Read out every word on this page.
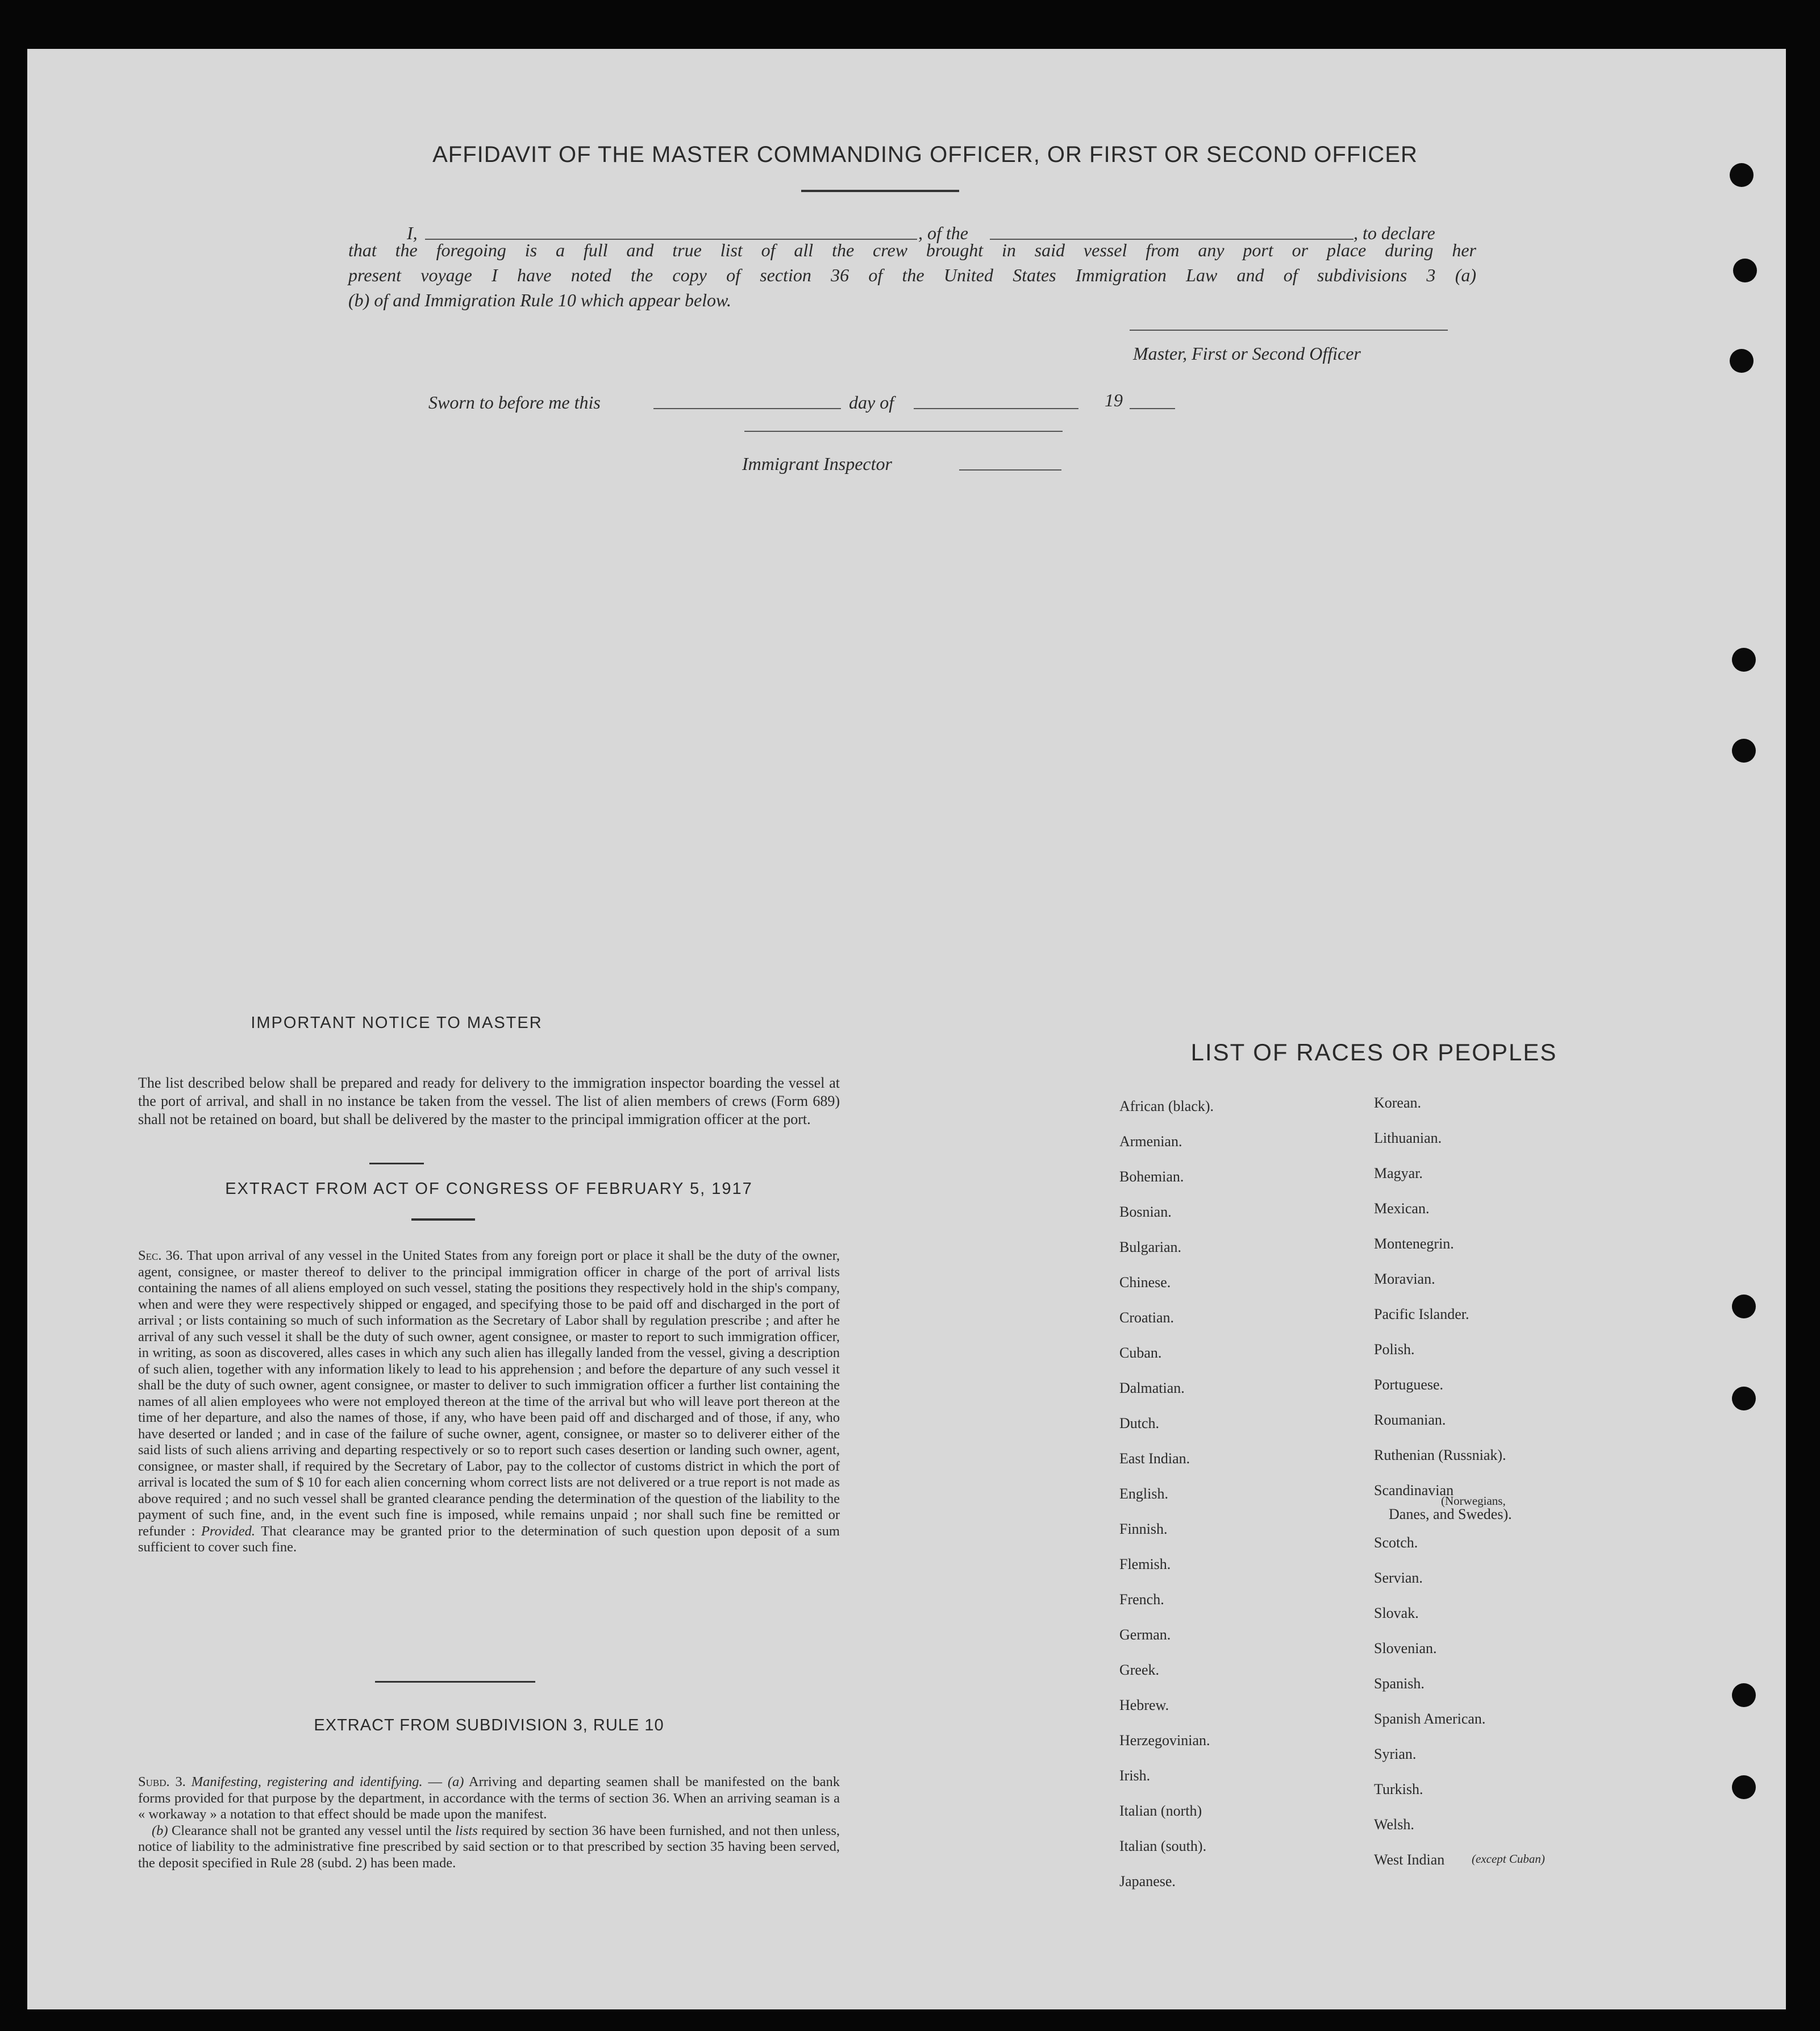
AFFIDAVIT OF THE MASTER COMMANDING OFFICER, OR FIRST OR SECOND OFFICER
I,	, of the	, to declare
that the foregoing is a full and true list of all the crew brought in said vessel from any port or place during her
present voyage I have noted the copy of section 36 of the United States Immigration Law and of subdivisions 3 (a)
(b) of and Immigration Rule 10 which appear below.
Master, First or Second Officer
Sworn to before me this	day of	19
Immigrant Inspector
IMPORTANT NOTICE TO MASTER
The list described below shall be prepared and ready for delivery to the immigration inspector boarding the vessel at the port of arrival, and shall in no instance be taken from the vessel. The list of alien members of crews (Form 689) shall not be retained on board, but shall be delivered by the master to the principal immigration officer at the port.
EXTRACT FROM ACT OF CONGRESS OF FEBRUARY 5, 1917
Sec. 36. That upon arrival of any vessel in the United States from any foreign port or place it shall be the duty of the owner, agent, consignee, or master thereof to deliver to the principal immigration officer in charge of the port of arrival lists containing the names of all aliens employed on such vessel, stating the positions they respectively hold in the ship's company, when and were they were respectively shipped or engaged, and specifying those to be paid off and discharged in the port of arrival ; or lists containing so much of such information as the Secretary of Labor shall by regulation prescribe ; and after he arrival of any such vessel it shall be the duty of such owner, agent consignee, or master to report to such immigration officer, in writing, as soon as discovered, alles cases in which any such alien has illegally landed from the vessel, giving a description of such alien, together with any information likely to lead to his apprehension ; and before the departure of any such vessel it shall be the duty of such owner, agent consignee, or master to deliver to such immigration officer a further list containing the names of all alien employees who were not employed thereon at the time of the arrival but who will leave port thereon at the time of her departure, and also the names of those, if any, who have been paid off and discharged and of those, if any, who have deserted or landed ; and in case of the failure of suche owner, agent, consignee, or master so to deliverer either of the said lists of such aliens arriving and departing respectively or so to report such cases desertion or landing such owner, agent, consignee, or master shall, if required by the Secretary of Labor, pay to the collector of customs district in which the port of arrival is located the sum of $ 10 for each alien concerning whom correct lists are not delivered or a true report is not made as above required ; and no such vessel shall be granted clearance pending the determination of the question of the liability to the payment of such fine, and, in the event such fine is imposed, while remains unpaid ; nor shall such fine be remitted or refunder : Provided. That clearance may be granted prior to the determination of such question upon deposit of a sum sufficient to cover such fine.
EXTRACT FROM SUBDIVISION 3, RULE 10
Subd. 3. Manifesting, registering and identifying. — (a) Arriving and departing seamen shall be manifested on the bank forms provided for that purpose by the department, in accordance with the terms of section 36. When an arriving seaman is a « workaway » a notation to that effect should be made upon the manifest.
(b) Clearance shall not be granted any vessel until the lists required by section 36 have been furnished, and not then unless, notice of liability to the administrative fine prescribed by said section or to that prescribed by section 35 having been served, the deposit specified in Rule 28 (subd. 2) has been made.
LIST OF RACES OR PEOPLES
African (black).
Armenian.
Bohemian.
Bosnian.
Bulgarian.
Chinese.
Croatian.
Cuban.
Dalmatian.
Dutch.
East Indian.
English.
Finnish.
Flemish.
French.
German.
Greek.
Hebrew.
Herzegovinian.
Irish.
Italian (north)
Italian (south).
Japanese.
Korean.
Lithuanian.
Magyar.
Mexican.
Montenegrin.
Moravian.
Pacific Islander.
Polish.
Portuguese.
Roumanian.
Ruthenian (Russniak).
Scandinavian
Scotch.
Servian.
Slovak.
Slovenian.
Spanish.
Spanish American.
Syrian.
Turkish.
Welsh.
West Indian
(Norwegians,
Danes, and Swedes).
(except Cuban)
